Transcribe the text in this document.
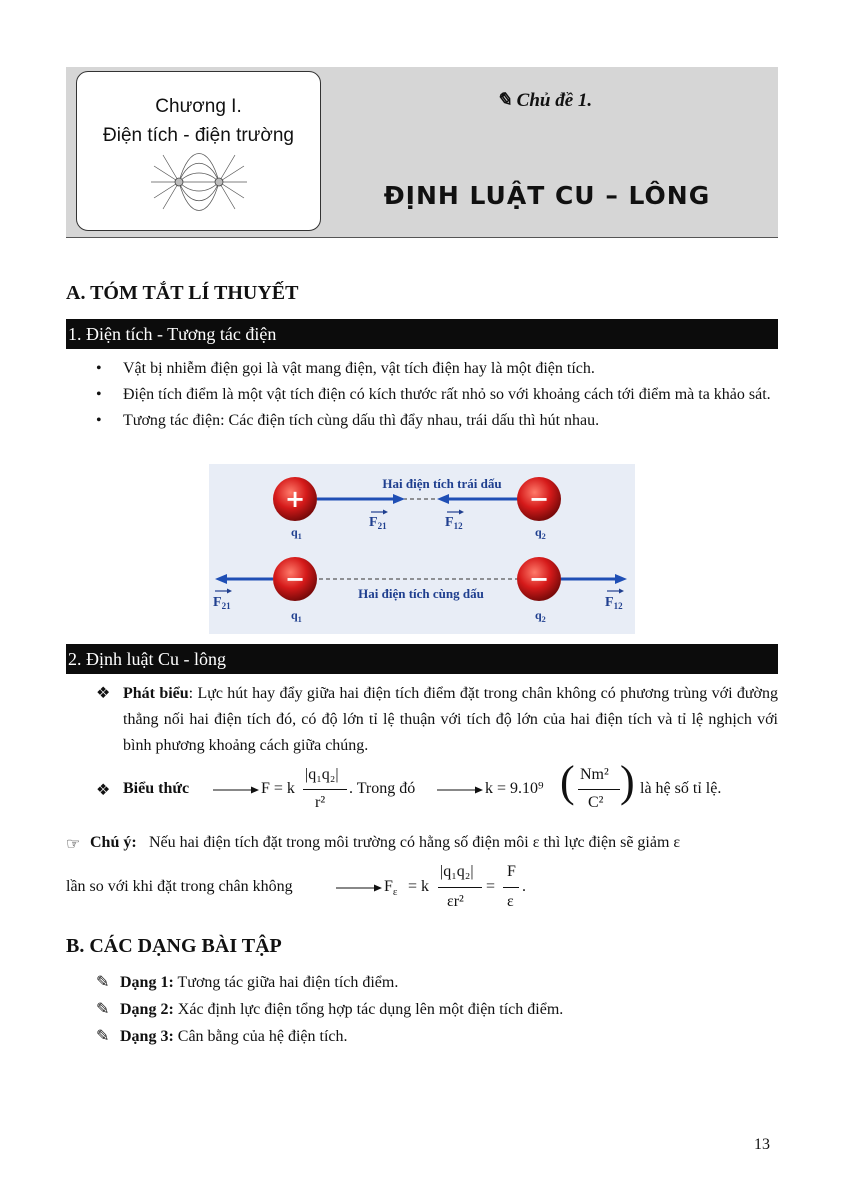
Chương I.
Điện tích - điện trường
✎ Chủ đề 1.
ĐỊNH LUẬT CU – LÔNG
A. TÓM TẮT LÍ THUYẾT
1. Điện tích - Tương tác điện
• Vật bị nhiễm điện gọi là vật mang điện, vật tích điện hay là một điện tích.
• Điện tích điểm là một vật tích điện có kích thước rất nhỏ so với khoảng cách tới điểm mà ta khảo sát.
• Tương tác điện: Các điện tích cùng dấu thì đẩy nhau, trái dấu thì hút nhau.
+	−
Hai điện tích trái dấu
$q_1$	$q_2$
$F_{21}$	$F_{12}$
−	−
Hai điện tích cùng dấu
$q_1$	$q_2$
$F_{21}$	$F_{12}$
2. Định luật Cu - lông
❖ Phát biểu: Lực hút hay đẩy giữa hai điện tích điểm đặt trong chân không có phương trùng với đường thẳng nối hai điện tích đó, có độ lớn tỉ lệ thuận với tích độ lớn của hai điện tích và tỉ lệ nghịch với bình phương khoảng cách giữa chúng.
❖ Biểu thức	F = k
|q₁q₂|
r²
. Trong đó	k = 9.10⁹ ( Nm²
C² ) là hệ số tỉ lệ.
☞ Chú ý: Nếu hai điện tích đặt trong môi trường có hằng số điện môi ε thì lực điện sẽ giảm ε
lần so với khi đặt trong chân không	$F_\varepsilon = k$
|q₁q₂|
εr²
=
F
ε
.
B. CÁC DẠNG BÀI TẬP
✎ Dạng 1: Tương tác giữa hai điện tích điểm.
✎ Dạng 2: Xác định lực điện tổng hợp tác dụng lên một điện tích điểm.
✎ Dạng 3: Cân bằng của hệ điện tích.
13
